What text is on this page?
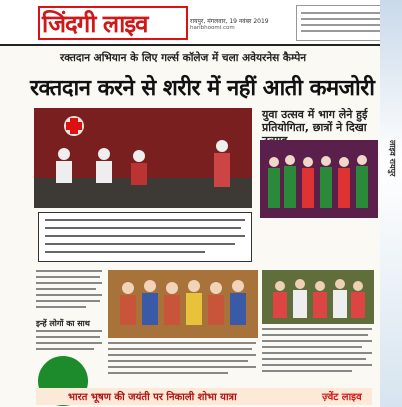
जिंदगी लाइव	रायपुर, मंगलवार, 19 नवंबर 2019
haribhoomi.com
रक्तदान अभियान के लिए गर्ल्स कॉलेज में चला अवेयरनेस कैम्पेन
रक्तदान करने से शरीर में नहीं आती कमजोरी
युवा उत्सव में भाग लेने हुई प्रतियोगिता, छात्रों ने दिखा
इन्हें लोगों का साथ
भारत भूषण की जयंती पर निकाली शोभा यात्रा	ज़्वेंट लाइव
लाइव रायपुर
